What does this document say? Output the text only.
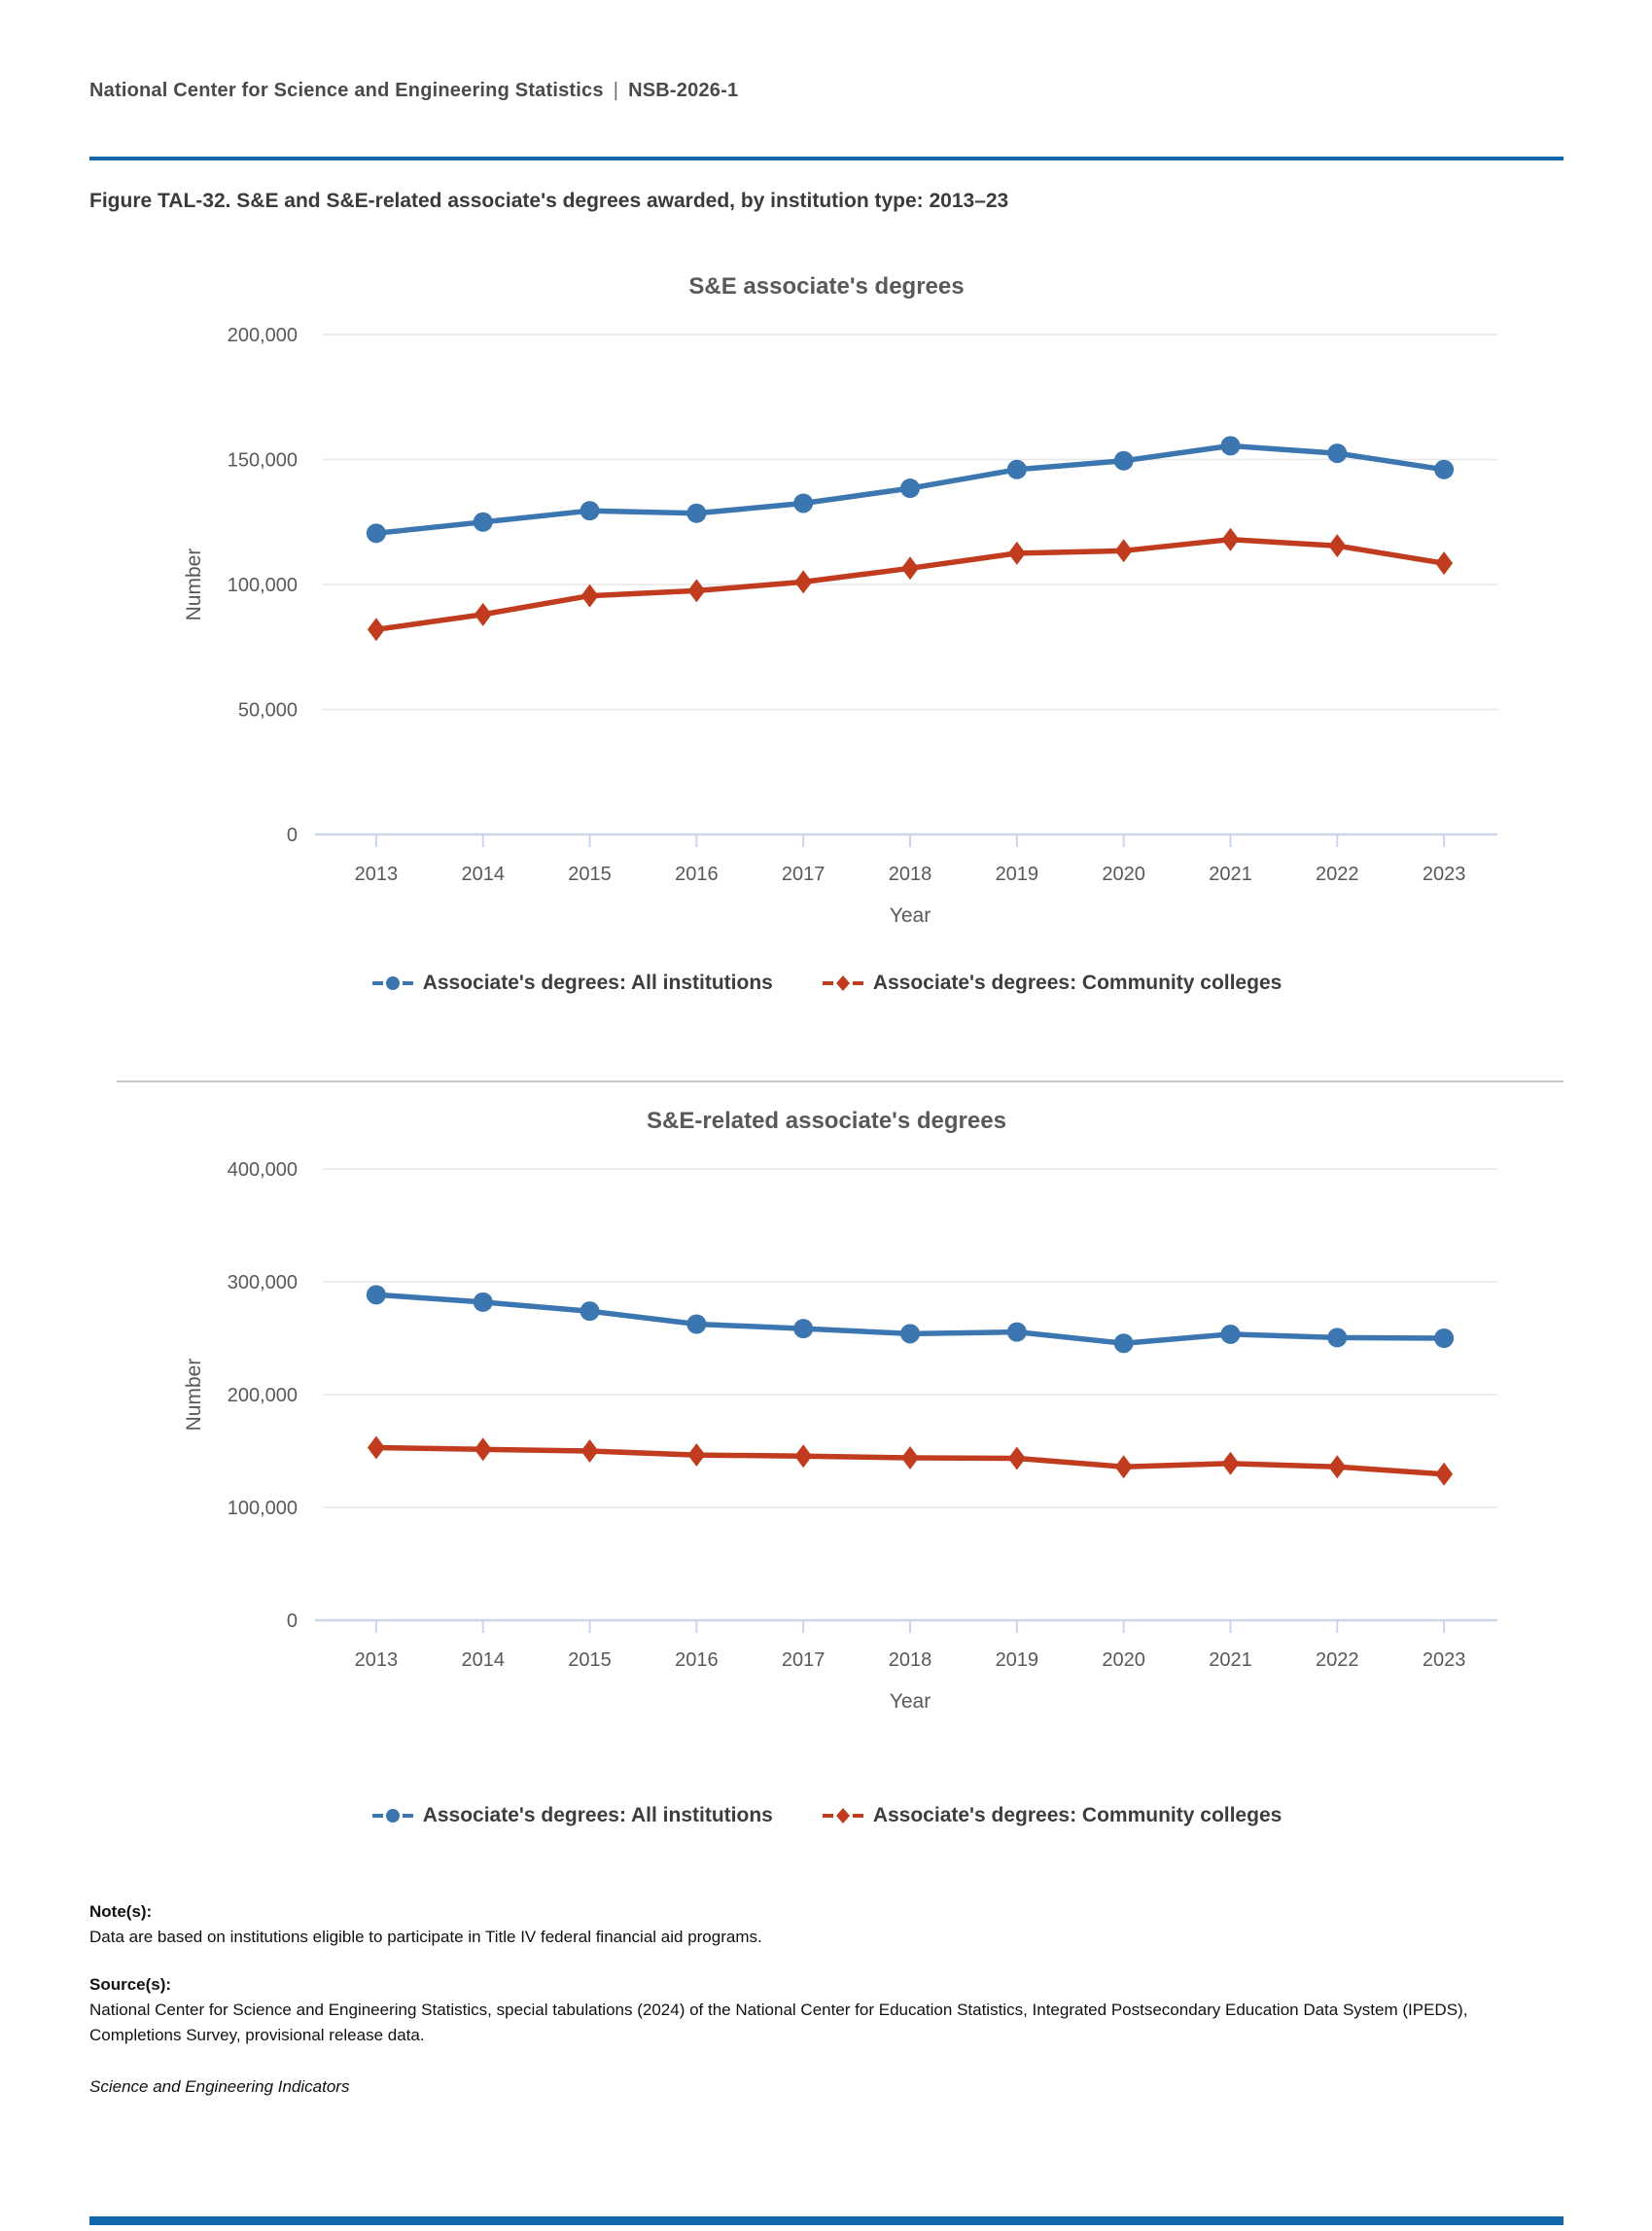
National Center for Science and Engineering Statistics | NSB-2026-1
Figure TAL-32. S&E and S&E-related associate's degrees awarded, by institution type: 2013–23
S&E associate's degrees
0
50,000
100,000
150,000
200,000
2013	2014	2015	2016	2017	2018	2019	2020	2021	2022	2023
Year
Number
Associate's degrees: All institutions	Associate's degrees: Community colleges
S&E-related associate's degrees
0
100,000
200,000
300,000
400,000
2013	2014	2015	2016	2017	2018	2019	2020	2021	2022	2023
Year
Number
Associate's degrees: All institutions	Associate's degrees: Community colleges
Note(s):
Data are based on institutions eligible to participate in Title IV federal financial aid programs.
Source(s):
National Center for Science and Engineering Statistics, special tabulations (2024) of the National Center for Education Statistics, Integrated Postsecondary Education Data System (IPEDS), Completions Survey, provisional release data.
Science and Engineering Indicators
